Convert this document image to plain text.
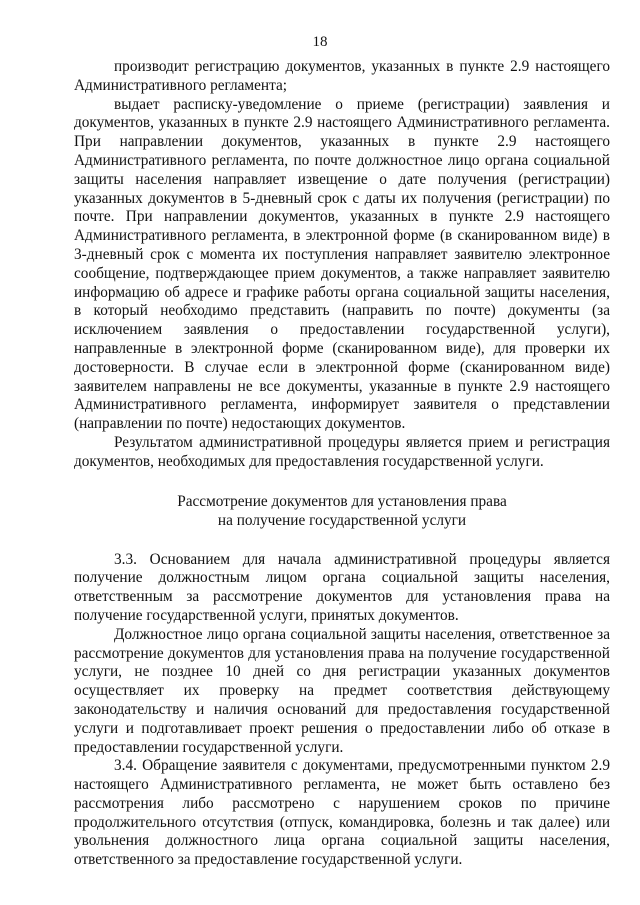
18

производит регистрацию документов, указанных в пункте 2.9 настоящего Административного регламента;

выдает расписку-уведомление о приеме (регистрации) заявления и документов, указанных в пункте 2.9 настоящего Административного регламента. При направлении документов, указанных в пункте 2.9 настоящего Административного регламента, по почте должностное лицо органа социальной защиты населения направляет извещение о дате получения (регистрации) указанных документов в 5-дневный срок с даты их получения (регистрации) по почте. При направлении документов, указанных в пункте 2.9 настоящего Административного регламента, в электронной форме (в сканированном виде) в 3-дневный срок с момента их поступления направляет заявителю электронное сообщение, подтверждающее прием документов, а также направляет заявителю информацию об адресе и графике работы органа социальной защиты населения, в который необходимо представить (направить по почте) документы (за исключением заявления о предоставлении государственной услуги), направленные в электронной форме (сканированном виде), для проверки их достоверности. В случае если в электронной форме (сканированном виде) заявителем направлены не все документы, указанные в пункте 2.9 настоящего Административного регламента, информирует заявителя о представлении (направлении по почте) недостающих документов.

Результатом административной процедуры является прием и регистрация документов, необходимых для предоставления государственной услуги.

Рассмотрение документов для установления права

на получение государственной услуги

3.3. Основанием для начала административной процедуры является получение должностным лицом органа социальной защиты населения, ответственным за рассмотрение документов для установления права на получение государственной услуги, принятых документов.

Должностное лицо органа социальной защиты населения, ответственное за рассмотрение документов для установления права на получение государственной услуги, не позднее 10 дней со дня регистрации указанных документов осуществляет их проверку на предмет соответствия действующему законодательству и наличия оснований для предоставления государственной услуги и подготавливает проект решения о предоставлении либо об отказе в предоставлении государственной услуги.

3.4. Обращение заявителя с документами, предусмотренными пунктом 2.9 настоящего Административного регламента, не может быть оставлено без рассмотрения либо рассмотрено с нарушением сроков по причине продолжительного отсутствия (отпуск, командировка, болезнь и так далее) или увольнения должностного лица органа социальной защиты населения, ответственного за предоставление государственной услуги.
